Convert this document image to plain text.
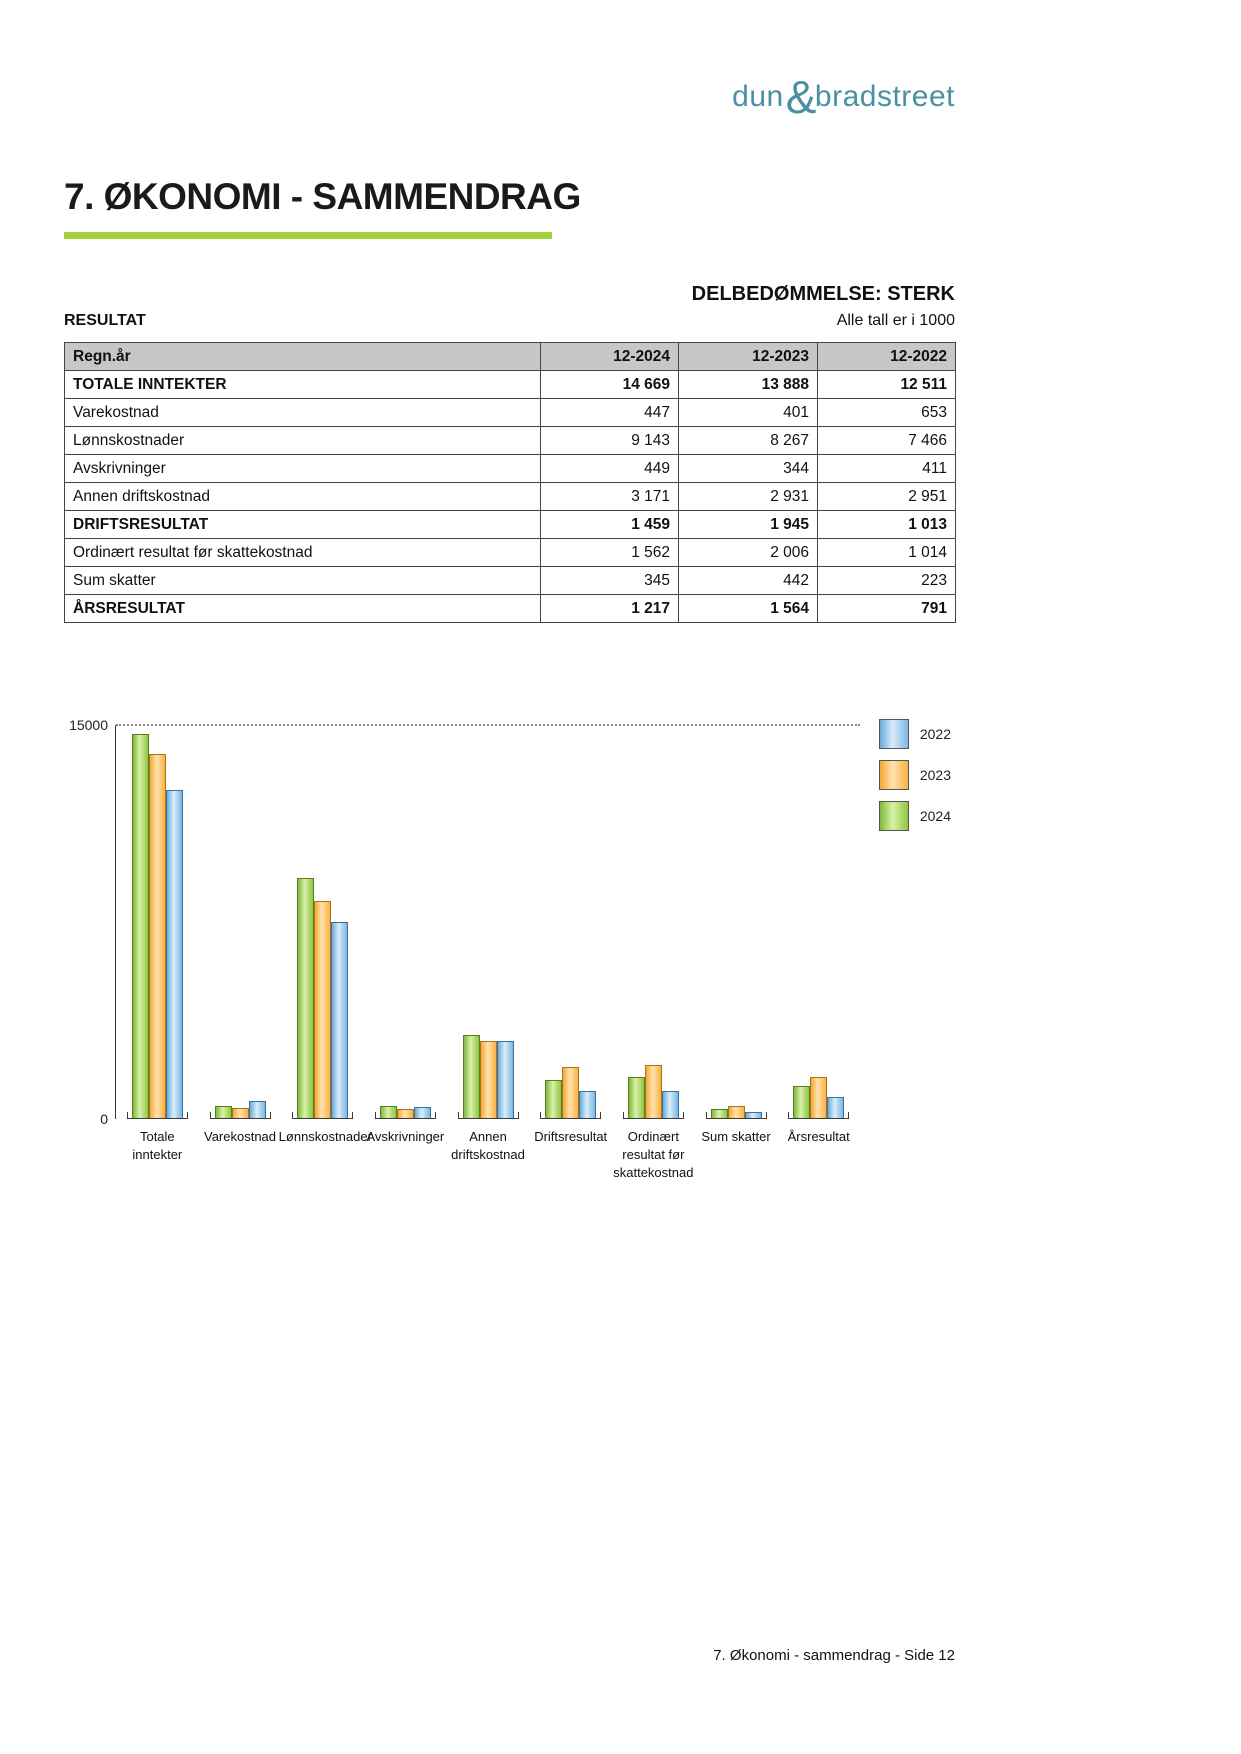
dun&bradstreet
7. ØKONOMI - SAMMENDRAG
DELBEDØMMELSE: STERK
RESULTAT	Alle tall er i 1000
Regn.år	12-2024	12-2023	12-2022
TOTALE INNTEKTER	14 669	13 888	12 511
Varekostnad	447	401	653
Lønnskostnader	9 143	8 267	7 466
Avskrivninger	449	344	411
Annen driftskostnad	3 171	2 931	2 951
DRIFTSRESULTAT	1 459	1 945	1 013
Ordinært resultat før skattekostnad	1 562	2 006	1 014
Sum skatter	345	442	223
ÅRSRESULTAT	1 217	1 564	791
15000
0
Totale inntekter
Varekostnad Lønnskostnader
Avskrivninger	Annen driftskostnad
Driftsresultat	Ordinært resultat før skattekostnad
Sum skatter	Årsresultat
2022
2023
2024
7. Økonomi - sammendrag - Side 12
